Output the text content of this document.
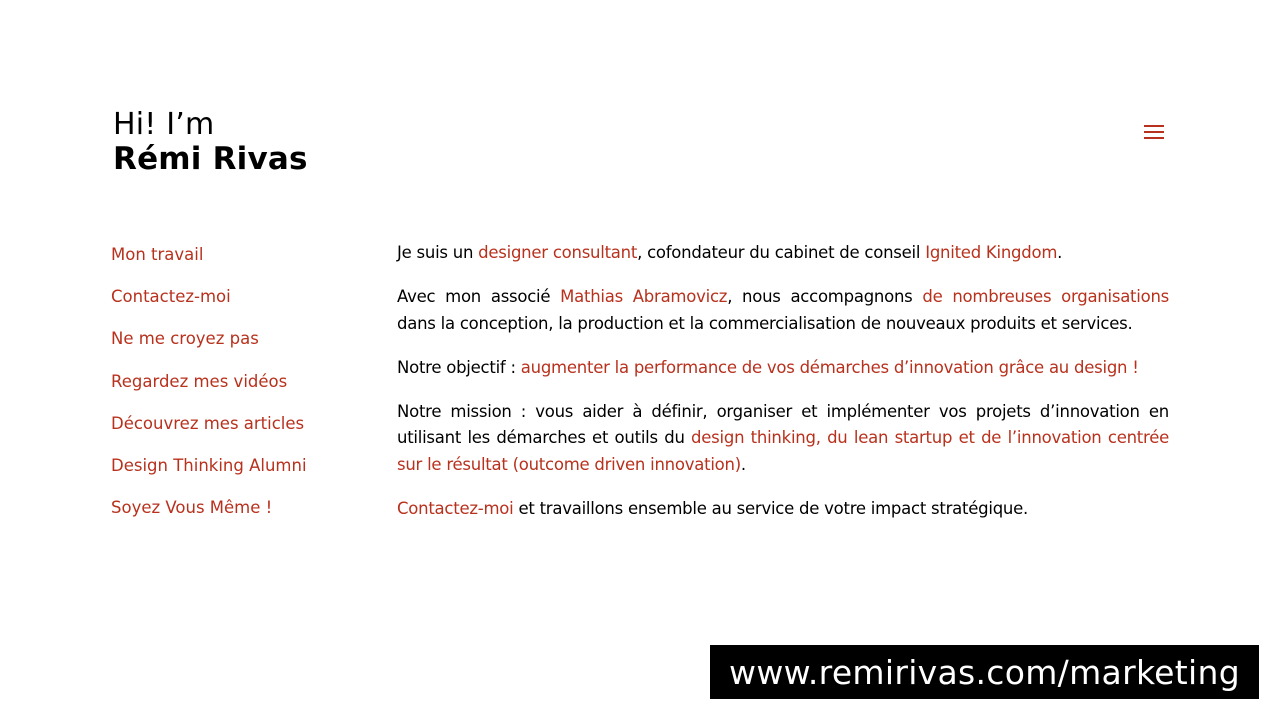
Hi! I’m
Rémi Rivas
Mon travail
Contactez-moi
Ne me croyez pas
Regardez mes vidéos
Découvrez mes articles
Design Thinking Alumni
Soyez Vous Même !

Je suis un designer consultant, cofondateur du cabinet de conseil Ignited Kingdom.

Avec mon associé Mathias Abramovicz, nous accompagnons de nombreuses organisations dans la conception, la production et la commercialisation de nouveaux produits et services.

Notre objectif : augmenter la performance de vos démarches d’innovation grâce au design !

Notre mission : vous aider à définir, organiser et implémenter vos projets d’innovation en utilisant les démarches et outils du design thinking, du lean startup et de l’innovation centrée sur le résultat (outcome driven innovation).

Contactez-moi et travaillons ensemble au service de votre impact stratégique.

www.remirivas.com/marketing
